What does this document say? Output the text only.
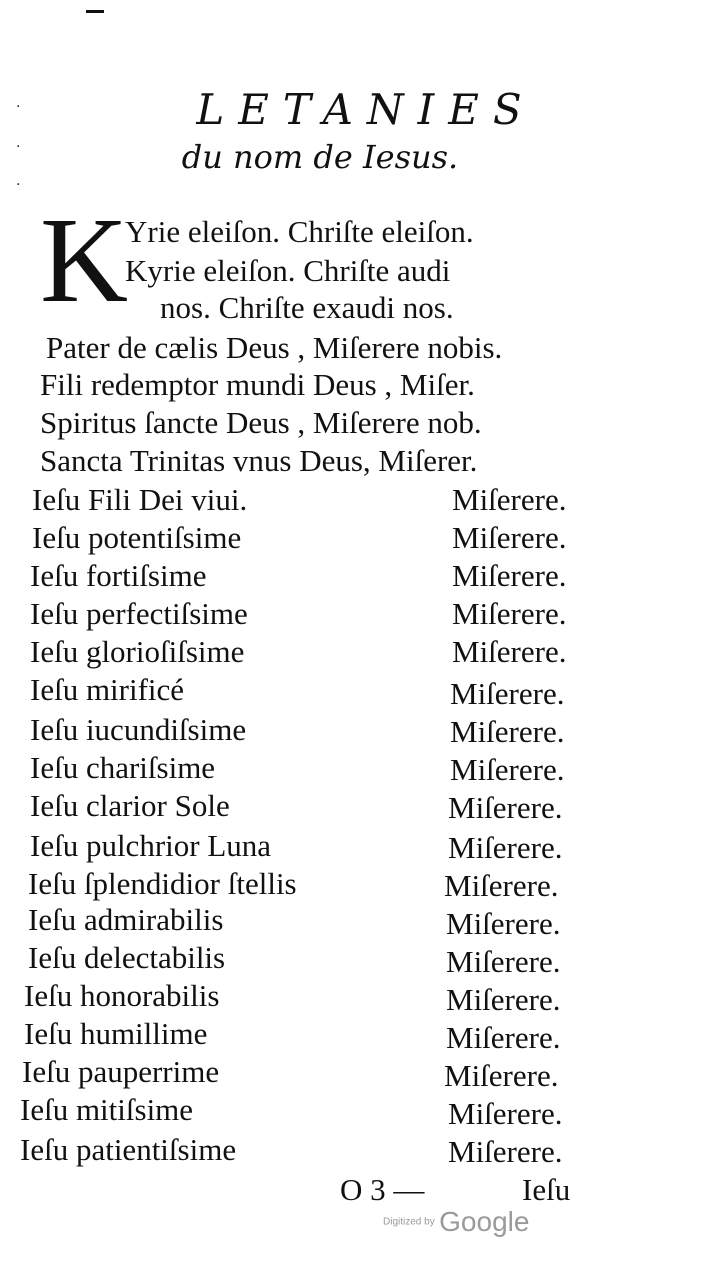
·
·
·
LETANIES
du nom de Iesus.
K
Yrie eleiſon. Chriſte eleiſon.
Kyrie eleiſon. Chriſte audi
nos. Chriſte exaudi nos.
Pater de cælis Deus , Miſerere nobis.
Fili redemptor mundi Deus , Miſer.
Spiritus ſancte Deus , Miſerere nob.
Sancta Trinitas vnus Deus, Miſerer.
Ieſu Fili Dei viui.	Miſerere.
Ieſu potentiſsime	Miſerere.
Ieſu fortiſsime	Miſerere.
Ieſu perfectiſsime	Miſerere.
Ieſu glorioſiſsime	Miſerere.
Ieſu mirificé	Miſerere.
Ieſu iucundiſsime	Miſerere.
Ieſu chariſsime	Miſerere.
Ieſu clarior Sole	Miſerere.
Ieſu pulchrior Luna	Miſerere.
Ieſu ſplendidior ſtellis	Miſerere.
Ieſu admirabilis	Miſerere.
Ieſu delectabilis	Miſerere.
Ieſu honorabilis	Miſerere.
Ieſu humillime	Miſerere.
Ieſu pauperrime	Miſerere.
Ieſu mitiſsime	Miſerere.
Ieſu patientiſsime	Miſerere.
O 3 —	Ieſu
Digitized by Google
